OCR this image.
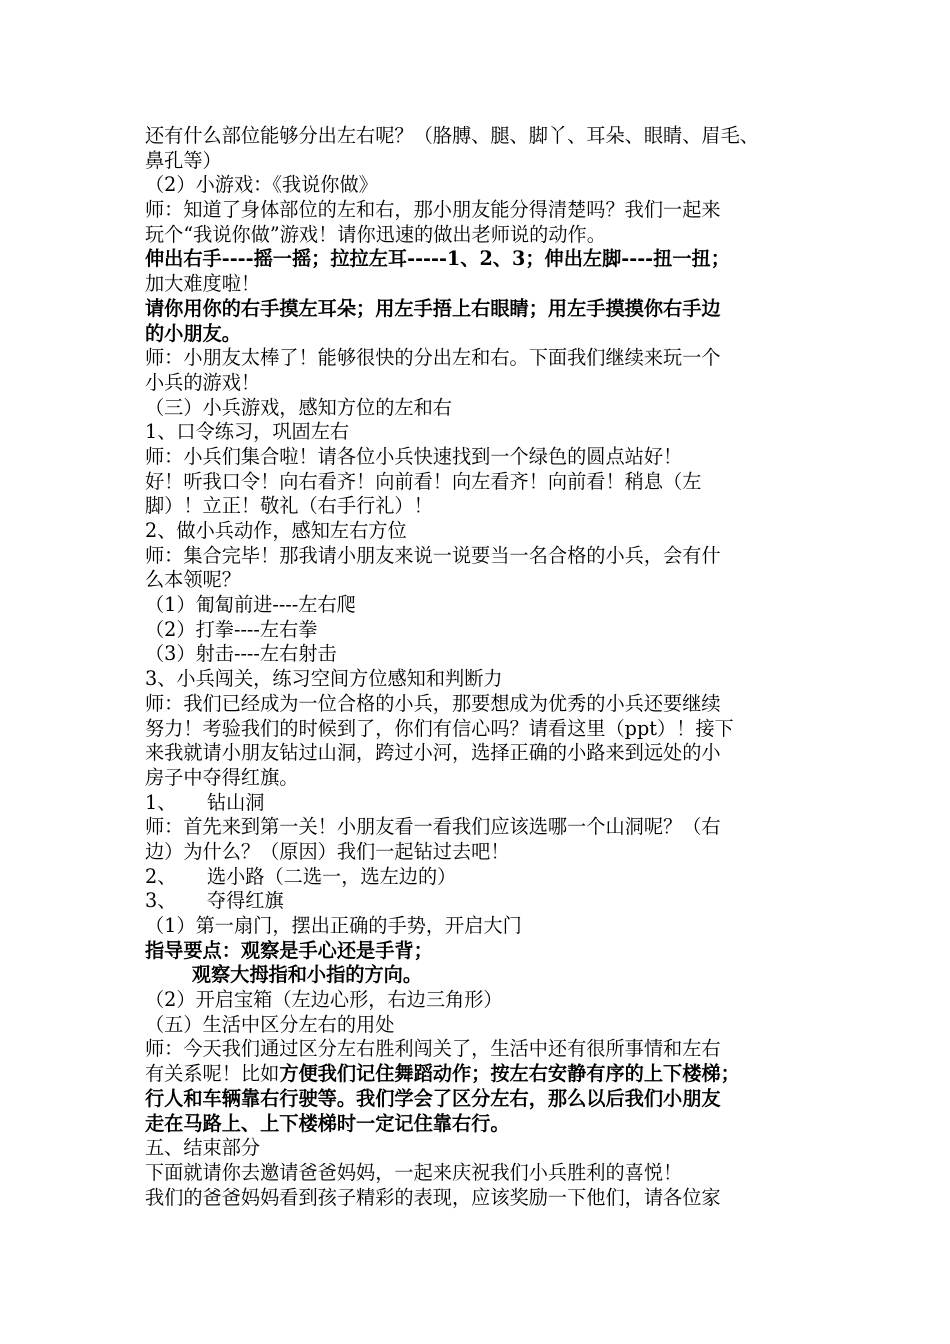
还有什么部位能够分出左右呢？（胳膊、腿、脚丫、耳朵、眼睛、眉毛、

鼻孔等）

（2）小游戏：《我说你做》

师：知道了身体部位的左和右，那小朋友能分得清楚吗？我们一起来

玩个“我说你做”游戏！请你迅速的做出老师说的动作。

伸出右手----摇一摇；拉拉左耳-----1、2、3；伸出左脚----扭一扭；

加大难度啦！

请你用你的右手摸左耳朵；用左手捂上右眼睛；用左手摸摸你右手边

的小朋友。

师：小朋友太棒了！能够很快的分出左和右。下面我们继续来玩一个

小兵的游戏！

（三）小兵游戏，感知方位的左和右

1、口令练习，巩固左右

师：小兵们集合啦！请各位小兵快速找到一个绿色的圆点站好！

好！听我口令！向右看齐！向前看！向左看齐！向前看！稍息（左

脚）！立正！敬礼（右手行礼）！

2、做小兵动作，感知左右方位

师：集合完毕！那我请小朋友来说一说要当一名合格的小兵，会有什

么本领呢？

（1）匍匐前进----左右爬

（2）打拳----左右拳

（3）射击----左右射击

3、小兵闯关，练习空间方位感知和判断力

师：我们已经成为一位合格的小兵，那要想成为优秀的小兵还要继续

努力！考验我们的时候到了，你们有信心吗？请看这里（ppt）！接下

来我就请小朋友钻过山洞，跨过小河，选择正确的小路来到远处的小

房子中夺得红旗。

1、     钻山洞

师：首先来到第一关！小朋友看一看我们应该选哪一个山洞呢？（右

边）为什么？（原因）我们一起钻过去吧！

2、     选小路（二选一，选左边的）

3、     夺得红旗

（1）第一扇门，摆出正确的手势，开启大门

指导要点：观察是手心还是手背；

观察大拇指和小指的方向。

（2）开启宝箱（左边心形，右边三角形）

（五）生活中区分左右的用处

师：今天我们通过区分左右胜利闯关了，生活中还有很所事情和左右

有关系呢！比如方便我们记住舞蹈动作；按左右安静有序的上下楼梯；

行人和车辆靠右行驶等。我们学会了区分左右，那么以后我们小朋友

走在马路上、上下楼梯时一定记住靠右行。

五、结束部分

下面就请你去邀请爸爸妈妈，一起来庆祝我们小兵胜利的喜悦！

我们的爸爸妈妈看到孩子精彩的表现，应该奖励一下他们，请各位家
